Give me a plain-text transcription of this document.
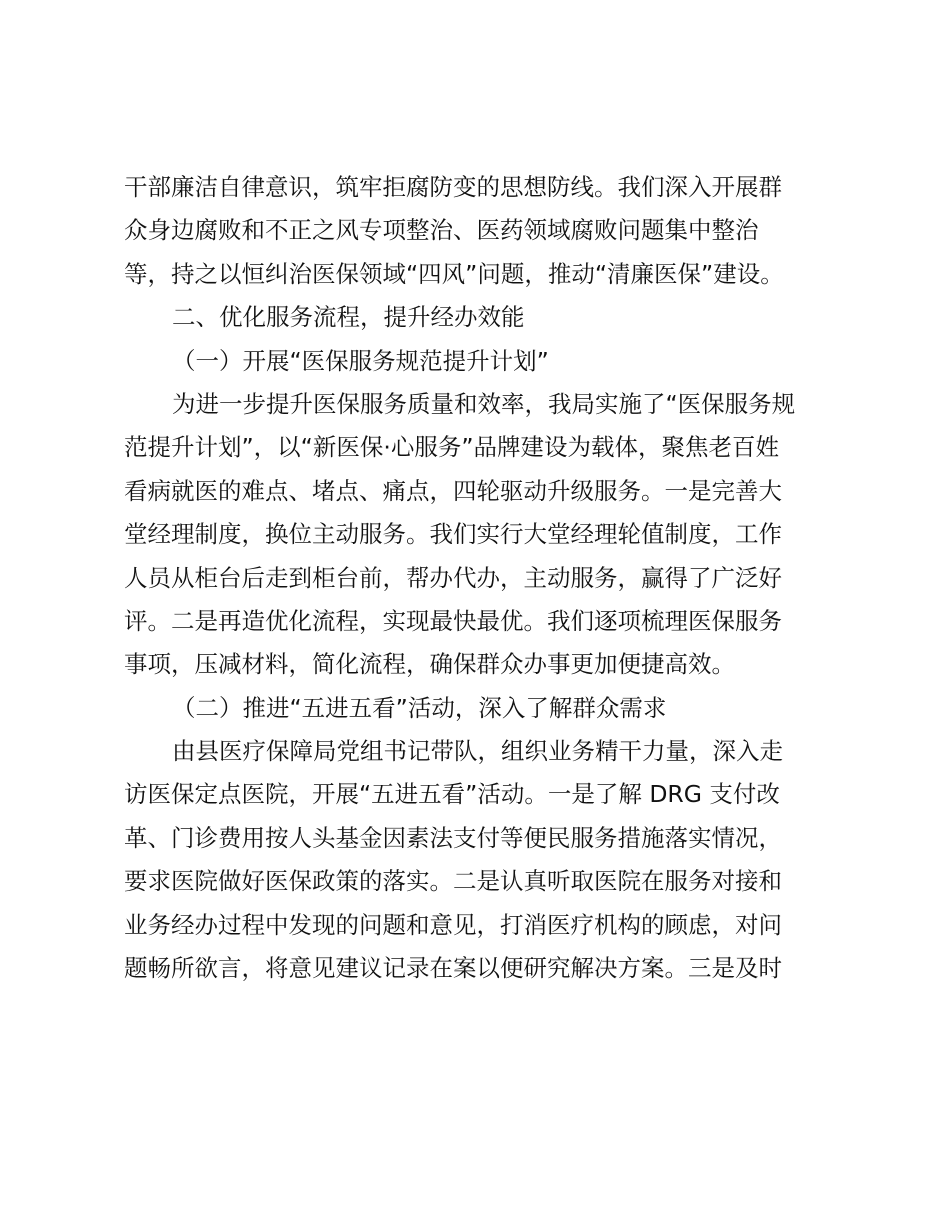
干部廉洁自律意识，筑牢拒腐防变的思想防线。我们深入开展群
众身边腐败和不正之风专项整治、医药领域腐败问题集中整治
等，持之以恒纠治医保领域“四风”问题，推动“清廉医保”建设。
二、优化服务流程，提升经办效能
（一）开展“医保服务规范提升计划”
为进一步提升医保服务质量和效率，我局实施了“医保服务规
范提升计划”，以“新医保·心服务”品牌建设为载体，聚焦老百姓
看病就医的难点、堵点、痛点，四轮驱动升级服务。一是完善大
堂经理制度，换位主动服务。我们实行大堂经理轮值制度，工作
人员从柜台后走到柜台前，帮办代办，主动服务，赢得了广泛好
评。二是再造优化流程，实现最快最优。我们逐项梳理医保服务
事项，压减材料，简化流程，确保群众办事更加便捷高效。
（二）推进“五进五看”活动，深入了解群众需求
由县医疗保障局党组书记带队，组织业务精干力量，深入走
访医保定点医院，开展“五进五看”活动。一是了解 DRG 支付改
革、门诊费用按人头基金因素法支付等便民服务措施落实情况，
要求医院做好医保政策的落实。二是认真听取医院在服务对接和
业务经办过程中发现的问题和意见，打消医疗机构的顾虑，对问
题畅所欲言，将意见建议记录在案以便研究解决方案。三是及时
